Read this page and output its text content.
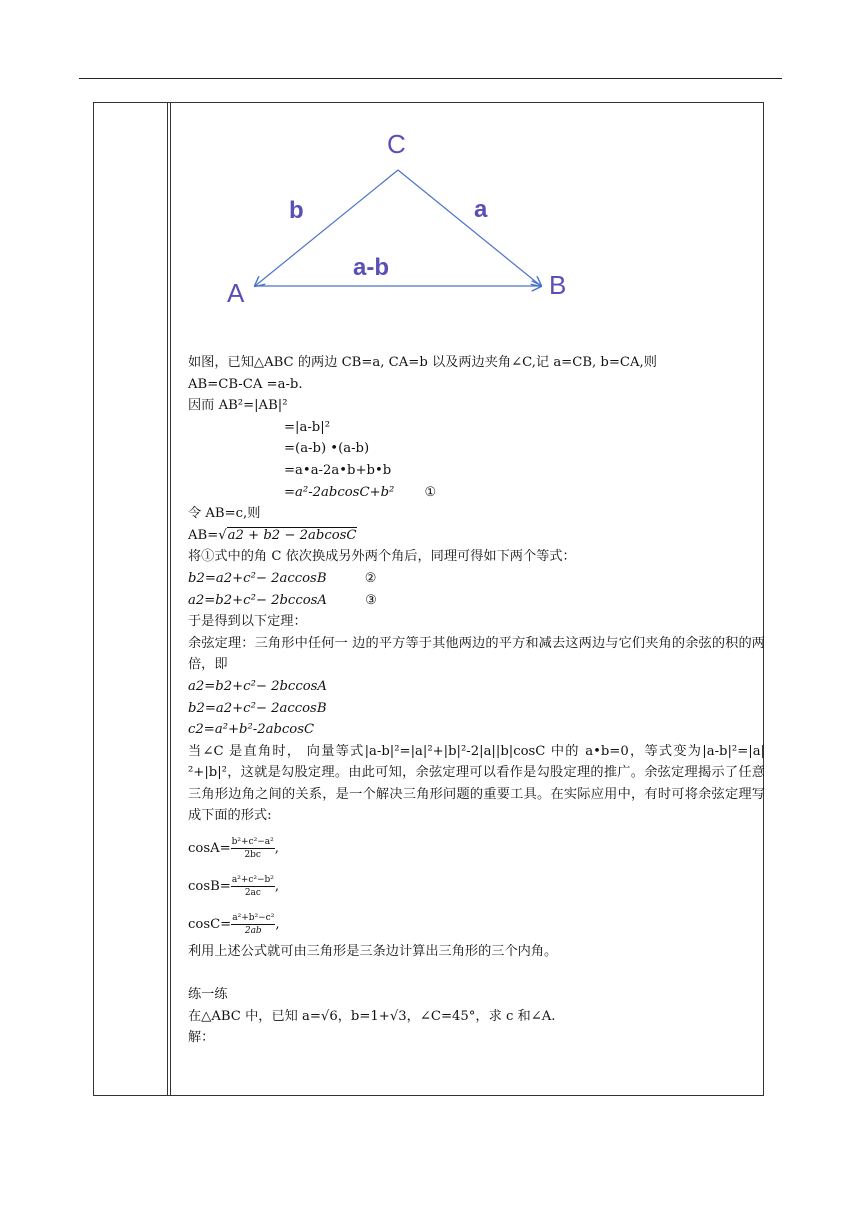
C
A	B
b	a
a-b
如图，已知△ABC 的两边 CB=a, CA=b 以及两边夹角∠C,记 a=CB, b=CA,则
AB=CB-CA =a-b.
因而 AB²=|AB|²
=|a-b|²
=(a-b) •(a-b)
=a•a-2a•b+b•b
=a²-2abcosC+b² ①
令 AB=c,则
AB=√a2 + b2 − 2abcosC
将①式中的角 C 依次换成另外两个角后，同理可得如下两个等式：
b2=a2+c²− 2accosB	②
a2=b2+c²− 2bccosA	③
于是得到以下定理：
余弦定理：三角形中任何一 边的平方等于其他两边的平方和减去这两边与它们夹角的余弦的积的两倍，即
a2=b2+c²− 2bccosA
b2=a2+c²− 2accosB
c2=a²+b²-2abcosC
当∠C 是直角时， 向量等式|a-b|²=|a|²+|b|²-2|a||b|cosC 中的 a•b=0，等式变为|a-b|²=|a|²+|b|²，这就是勾股定理。由此可知，余弦定理可以看作是勾股定理的推广。余弦定理揭示了任意三角形边角之间的关系，是一个解决三角形问题的重要工具。在实际应用中，有时可将余弦定理写成下面的形式:
$\cos A= \frac{\text{b²+c²−a²}}{2bc}$ ,
$\cos B= \frac{\text{a²+c²−b²}}{2ac}$ ,
$\cos C= \frac{\text{a²+b²−c²}}{2ab}$ ,
利用上述公式就可由三角形是三条边计算出三角形的三个内角。
练一练
在△ABC 中，已知 a=√6，b=1+√3，∠C=45°，求 c 和∠A.
解：
